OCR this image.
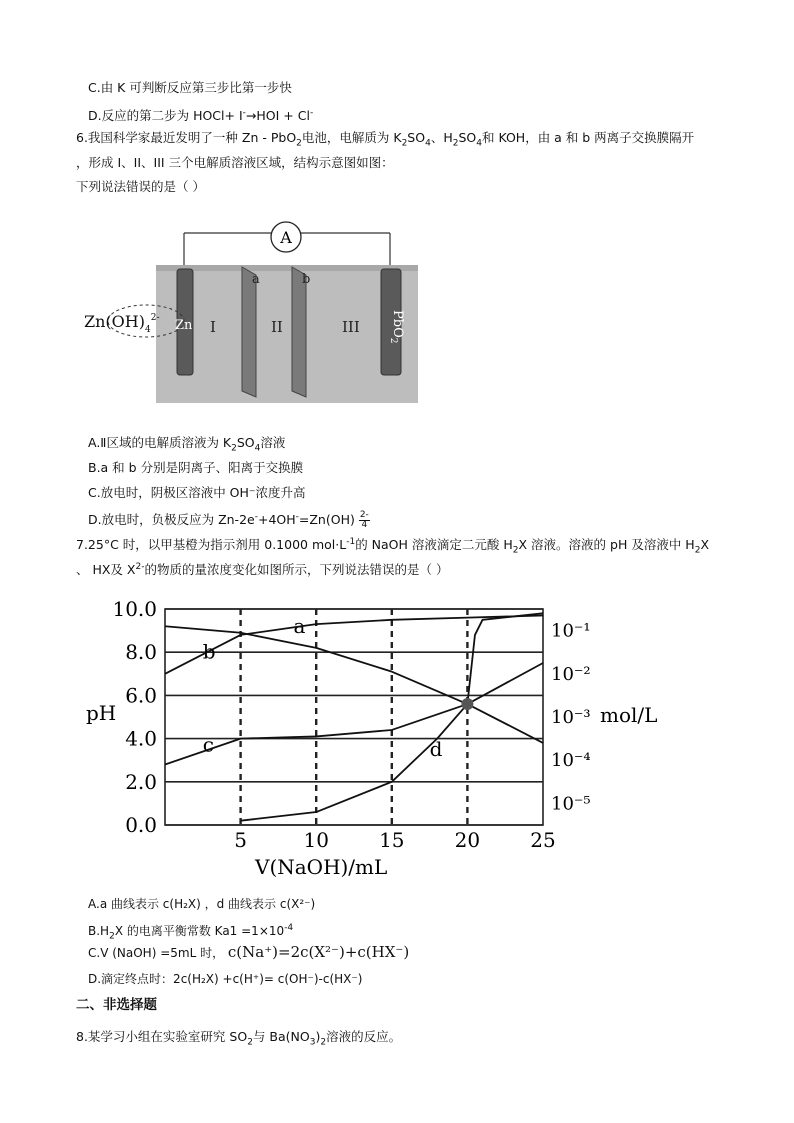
C.由 K 可判断反应第三步比第一步快
D.反应的第二步为 HOCl+ I-→HOI + Cl-
6.我国科学家最近发明了一种 Zn - PbO$_2$电池，电解质为 $K_2SO_4$、$H_2SO_4$和 KOH，由 a 和 b 两离子交换膜隔开
，形成 I、II、III 三个电解质溶液区域，结构示意图如图：
下列说法错误的是（ ）
A
Zn
a	b
PbO$_2$
I	II	III
$Zn(OH)_4^{2-}$
A.Ⅱ区域的电解质溶液为 $K_2SO_4$溶液
B.a 和 b 分别是阴离子、阳离于交换膜
C.放电时，阴极区溶液中 OH⁻浓度升高
D.放电时，负极反应为 $Zn-2e^-+4OH^-=Zn(OH) \frac{2-}{4}$
7.25°C 时，以甲基橙为指示剂用 0.1000 $mol\cdot L^{-1}$的 NaOH 溶液滴定二元酸 $H_2X$ 溶液。溶液的 pH 及溶液中 $H_2X$
、 HX及 $X^{2-}$的物质的量浓度变化如图所示，下列说法错误的是（ ）
a
b
c	d
0.0
2.0
4.0
6.0
8.0
10.0
10⁻⁵
10⁻⁴
10⁻³
10⁻²
10⁻¹
5	10	15	20	25
pH	mol/L
V(NaOH)/mL
A.a 曲线表示 c(H₂X) ，d 曲线表示 c(X²⁻)
$B.H_2X$ 的电离平衡常数 $Ka1 =1\times 10^{-4}$
C.V (NaOH) =5mL 时， c(Na⁺)=2c(X²⁻)+c(HX⁻)
D.滴定终点时：2c(H₂X) +c(H⁺)= c(OH⁻)-c(HX⁻)
二、非选择题
8.某学习小组在实验室研究 $SO_2$与 $Ba(NO_3)_2$溶液的反应。
